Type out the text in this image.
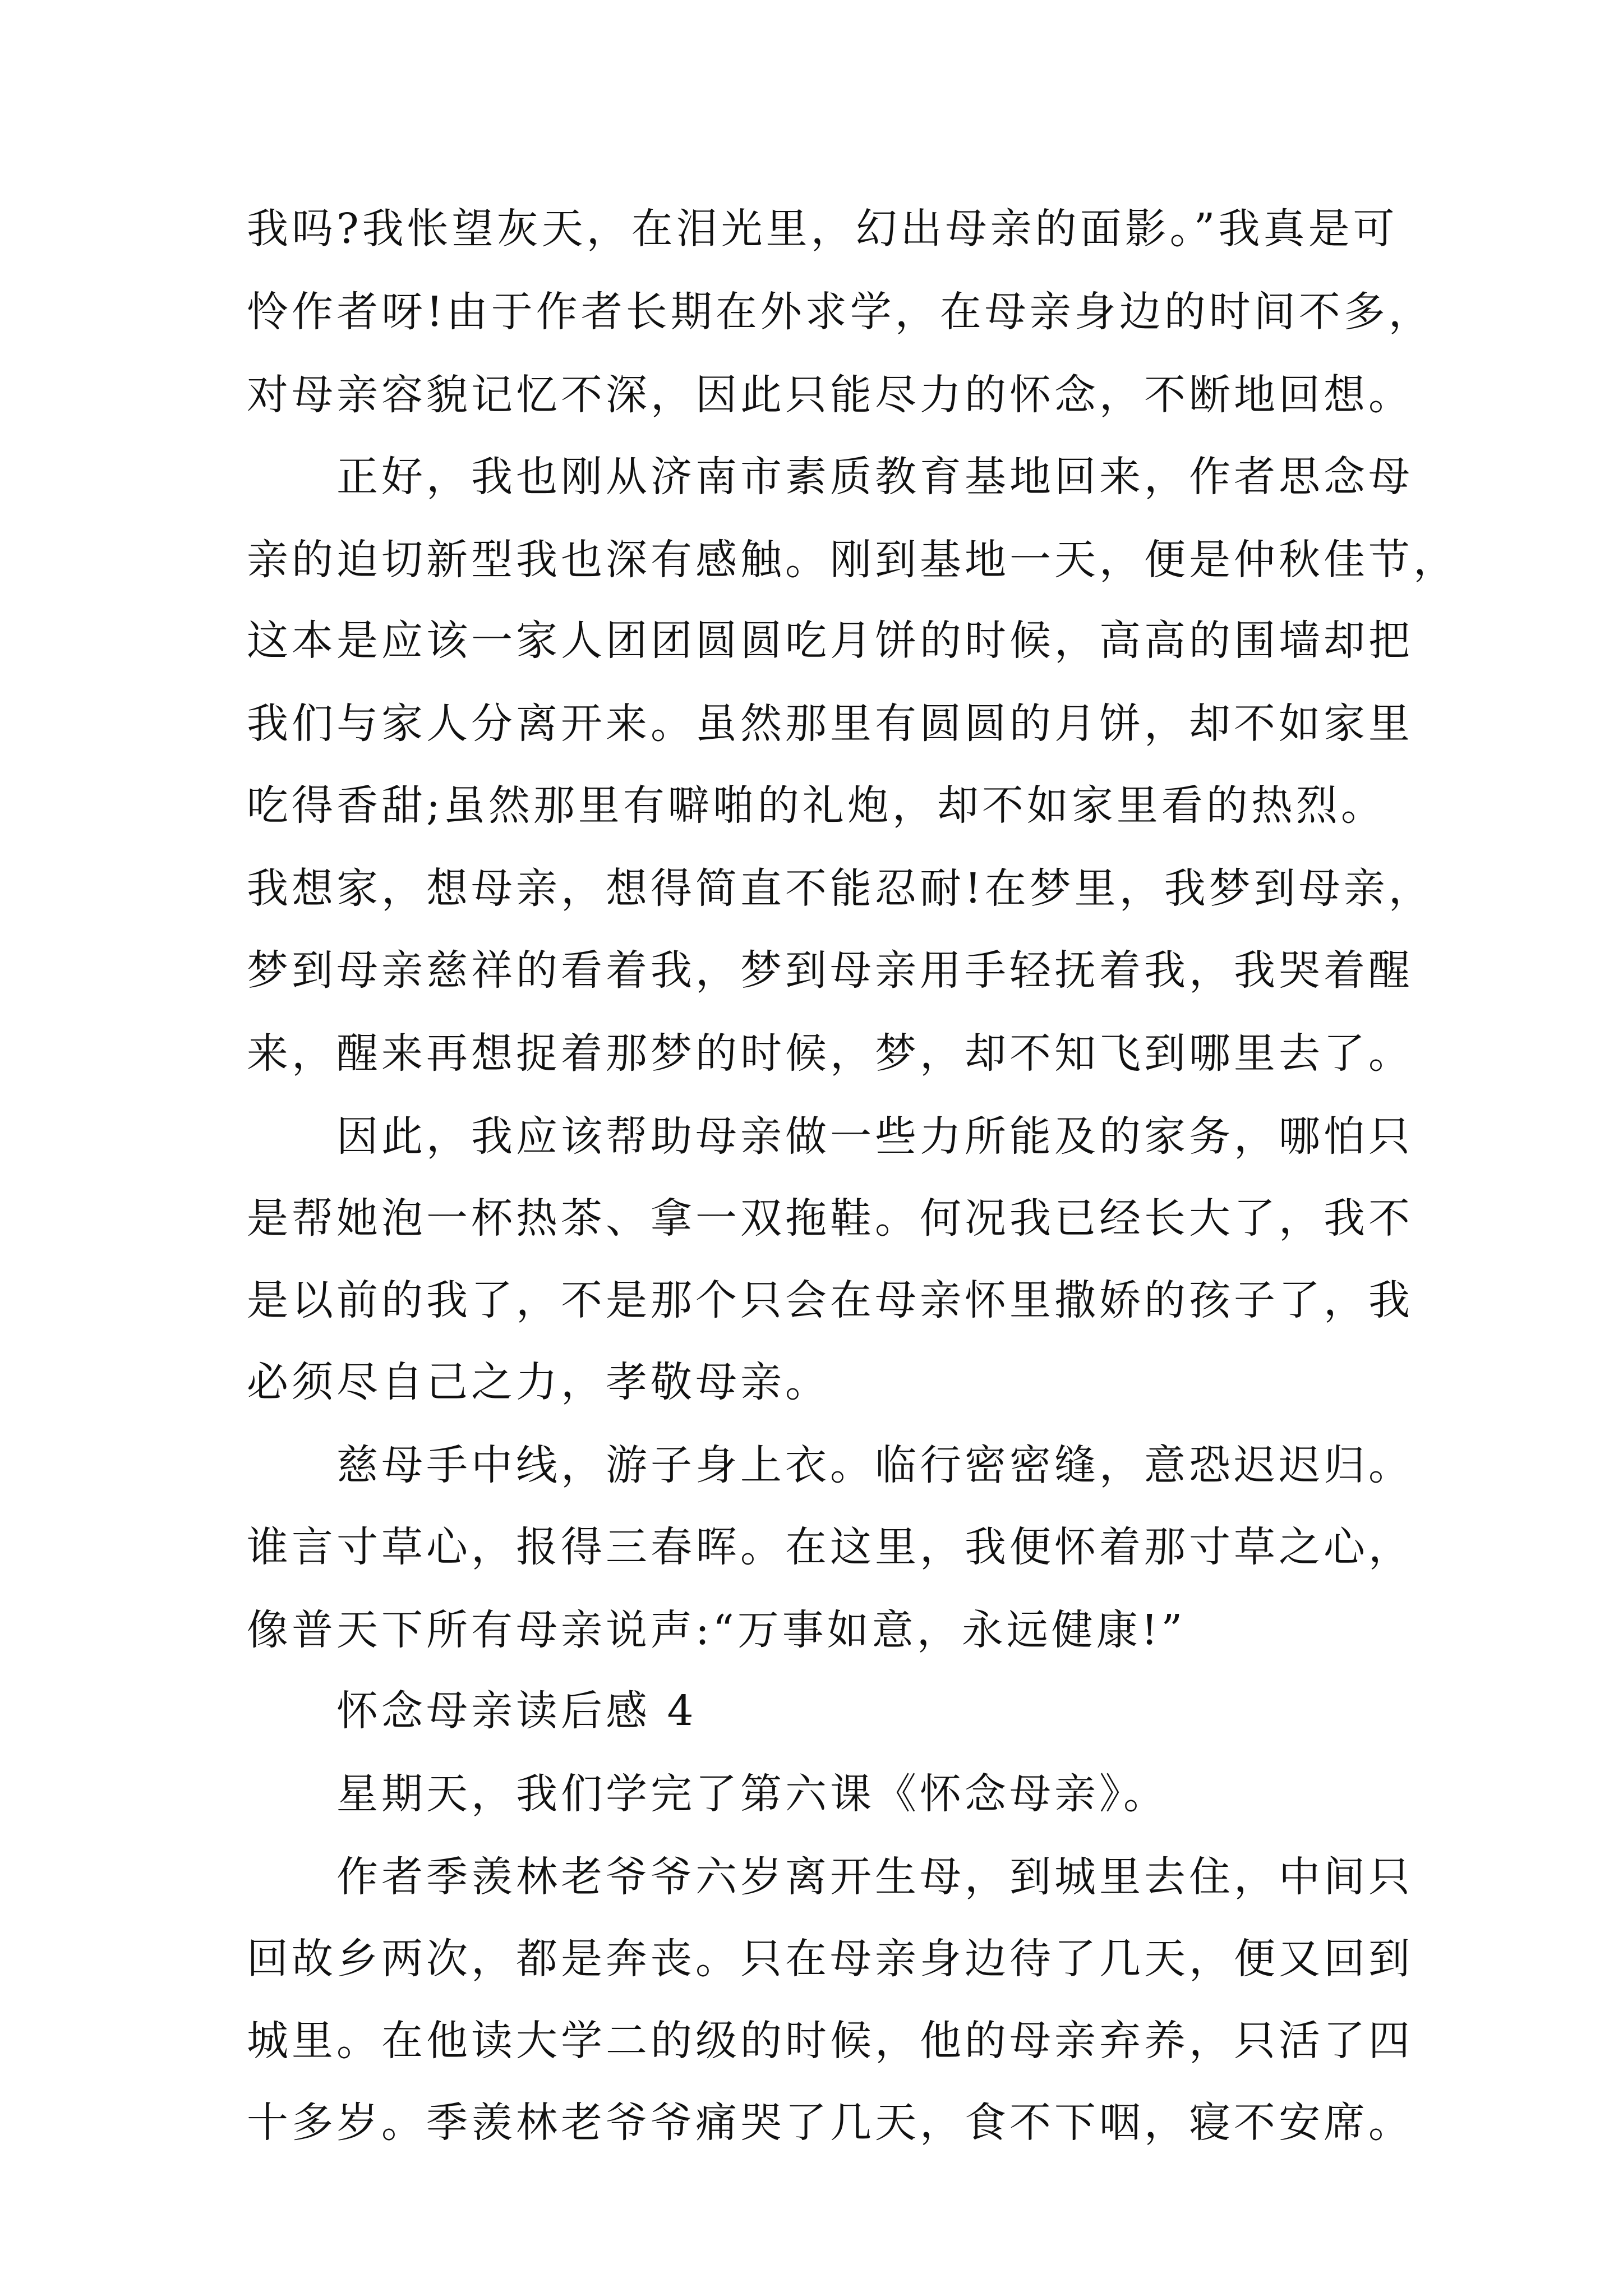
我吗?我怅望灰天，在泪光里，幻出母亲的面影。”我真是可
怜作者呀!由于作者长期在外求学，在母亲身边的时间不多，
对母亲容貌记忆不深，因此只能尽力的怀念，不断地回想。
正好，我也刚从济南市素质教育基地回来，作者思念母
亲的迫切新型我也深有感触。刚到基地一天，便是仲秋佳节，
这本是应该一家人团团圆圆吃月饼的时候，高高的围墙却把
我们与家人分离开来。虽然那里有圆圆的月饼，却不如家里
吃得香甜;虽然那里有噼啪的礼炮，却不如家里看的热烈。
我想家，想母亲，想得简直不能忍耐!在梦里，我梦到母亲，
梦到母亲慈祥的看着我，梦到母亲用手轻抚着我，我哭着醒
来，醒来再想捉着那梦的时候，梦，却不知飞到哪里去了。
因此，我应该帮助母亲做一些力所能及的家务，哪怕只
是帮她泡一杯热茶、拿一双拖鞋。何况我已经长大了，我不
是以前的我了，不是那个只会在母亲怀里撒娇的孩子了，我
必须尽自己之力，孝敬母亲。
慈母手中线，游子身上衣。临行密密缝，意恐迟迟归。
谁言寸草心，报得三春晖。在这里，我便怀着那寸草之心，
像普天下所有母亲说声:“万事如意，永远健康!”
怀念母亲读后感 4
星期天，我们学完了第六课《怀念母亲》。
作者季羡林老爷爷六岁离开生母，到城里去住，中间只
回故乡两次，都是奔丧。只在母亲身边待了几天，便又回到
城里。在他读大学二的级的时候，他的母亲弃养，只活了四
十多岁。季羡林老爷爷痛哭了几天，食不下咽，寝不安席。
